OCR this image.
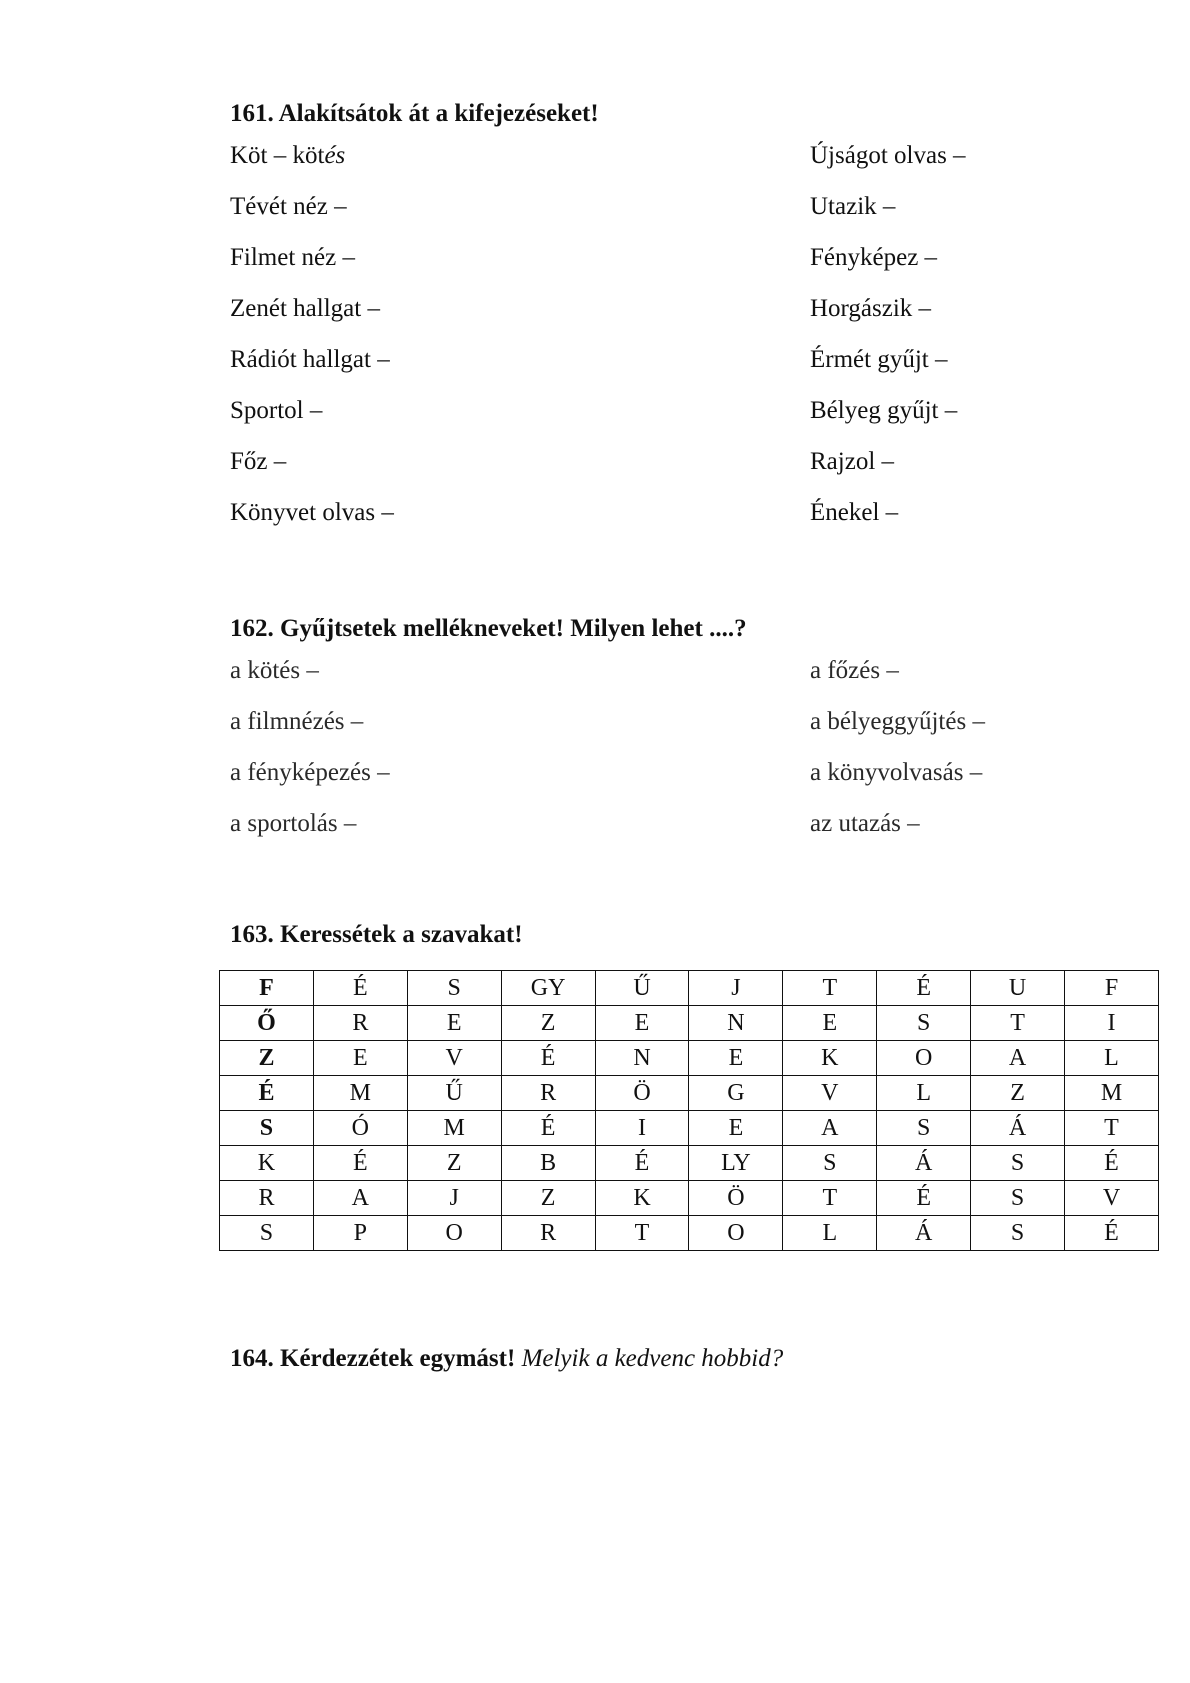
161. Alakítsátok át a kifejezéseket!
Köt – kötés	Újságot olvas –
Tévét néz –	Utazik –
Filmet néz –	Fényképez –
Zenét hallgat –	Horgászik –
Rádiót hallgat –	Érmét gyűjt –
Sportol –	Bélyeg gyűjt –
Főz –	Rajzol –
Könyvet olvas –	Énekel –
162. Gyűjtsetek mellékneveket! Milyen lehet ....?
a kötés –	a főzés –
a filmnézés –	a bélyeggyűjtés –
a fényképezés –	a könyvolvasás –
a sportolás –	az utazás –
163. Keressétek a szavakat!
F	É	S	GY	Ű	J	T	É	U	F
Ő	R	E	Z	E	N	E	S	T	I
Z	E	V	É	N	E	K	O	A	L
É	M	Ű	R	Ö	G	V	L	Z	M
S	Ó	M	É	I	E	A	S	Á	T
K	É	Z	B	É	LY	S	Á	S	É
R	A	J	Z	K	Ö	T	É	S	V
S	P	O	R	T	O	L	Á	S	É
164. Kérdezzétek egymást! Melyik a kedvenc hobbid?
